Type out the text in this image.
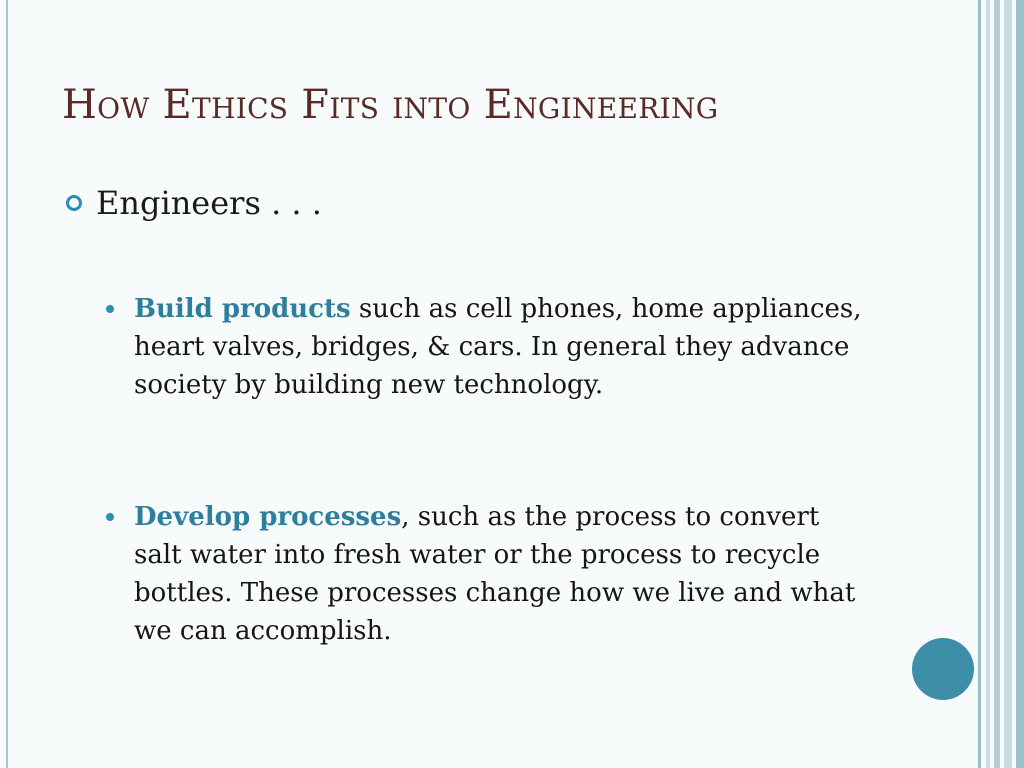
How Ethics Fits into Engineering
Engineers . . .
Build products such as cell phones, home appliances, heart valves, bridges, & cars. In general they advance society by building new technology.
Develop processes, such as the process to convert salt water into fresh water or the process to recycle bottles. These processes change how we live and what we can accomplish.
